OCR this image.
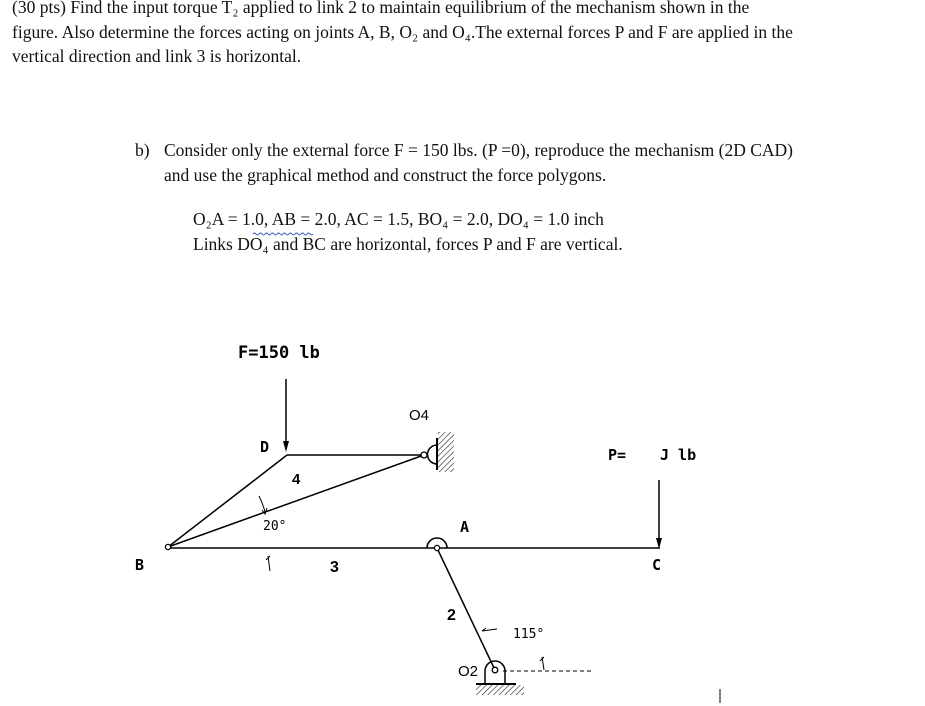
(30 pts) Find the input torque T₂ applied to link 2 to maintain equilibrium of the mechanism shown in the
figure. Also determine the forces acting on joints A, B, O₂ and O₄.The external forces P and F are applied in the
vertical direction and link 3 is horizontal.
b) Consider only the external force F = 150 lbs. (P =0), reproduce the mechanism (2D CAD)
and use the graphical method and construct the force polygons.
O₂A = 1.0, AB = 2.0, AC = 1.5, BO₄ = 2.0, DO₄ = 1.0 inch
Links DO₄ and BC are horizontal, forces P and F are vertical.
F=150 lb
D
4
20°
B	3
A
2
115°
P= J lb
C
O4
O2
